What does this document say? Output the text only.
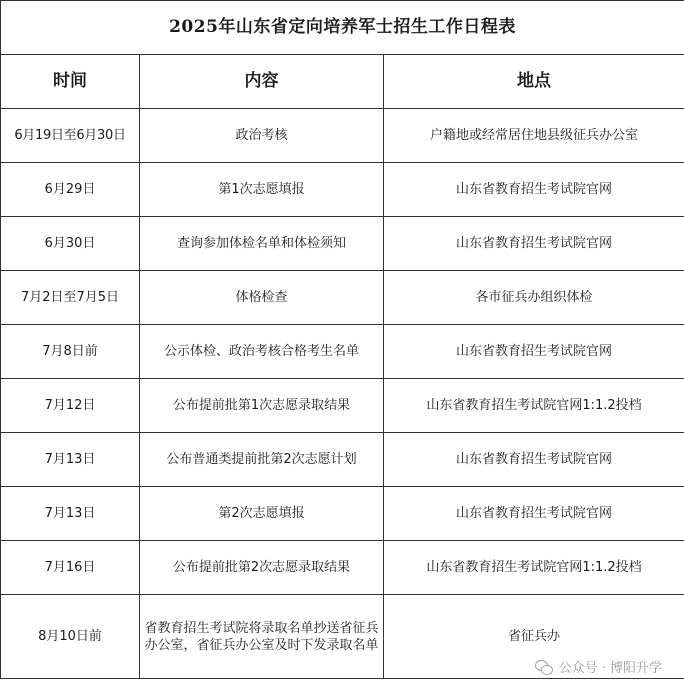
2025年山东省定向培养军士招生工作日程表		
时间	内容	地点
6月19日至6月30日	政治考核	户籍地或经常居住地县级征兵办公室
6月29日	第1次志愿填报	山东省教育招生考试院官网
6月30日	查询参加体检名单和体检须知	山东省教育招生考试院官网
7月2日至7月5日	体格检查	各市征兵办组织体检
7月8日前	公示体检、政治考核合格考生名单	山东省教育招生考试院官网
7月12日	公布提前批第1次志愿录取结果	山东省教育招生考试院官网1:1.2投档
7月13日	公布普通类提前批第2次志愿计划	山东省教育招生考试院官网
7月13日	第2次志愿填报	山东省教育招生考试院官网
7月16日	公布提前批第2次志愿录取结果	山东省教育招生考试院官网1:1.2投档
8月10日前	省教育招生考试院将录取名单抄送省征兵办公室，省征兵办公室及时下发录取名单	省征兵办
公众号 · 博阳升学
